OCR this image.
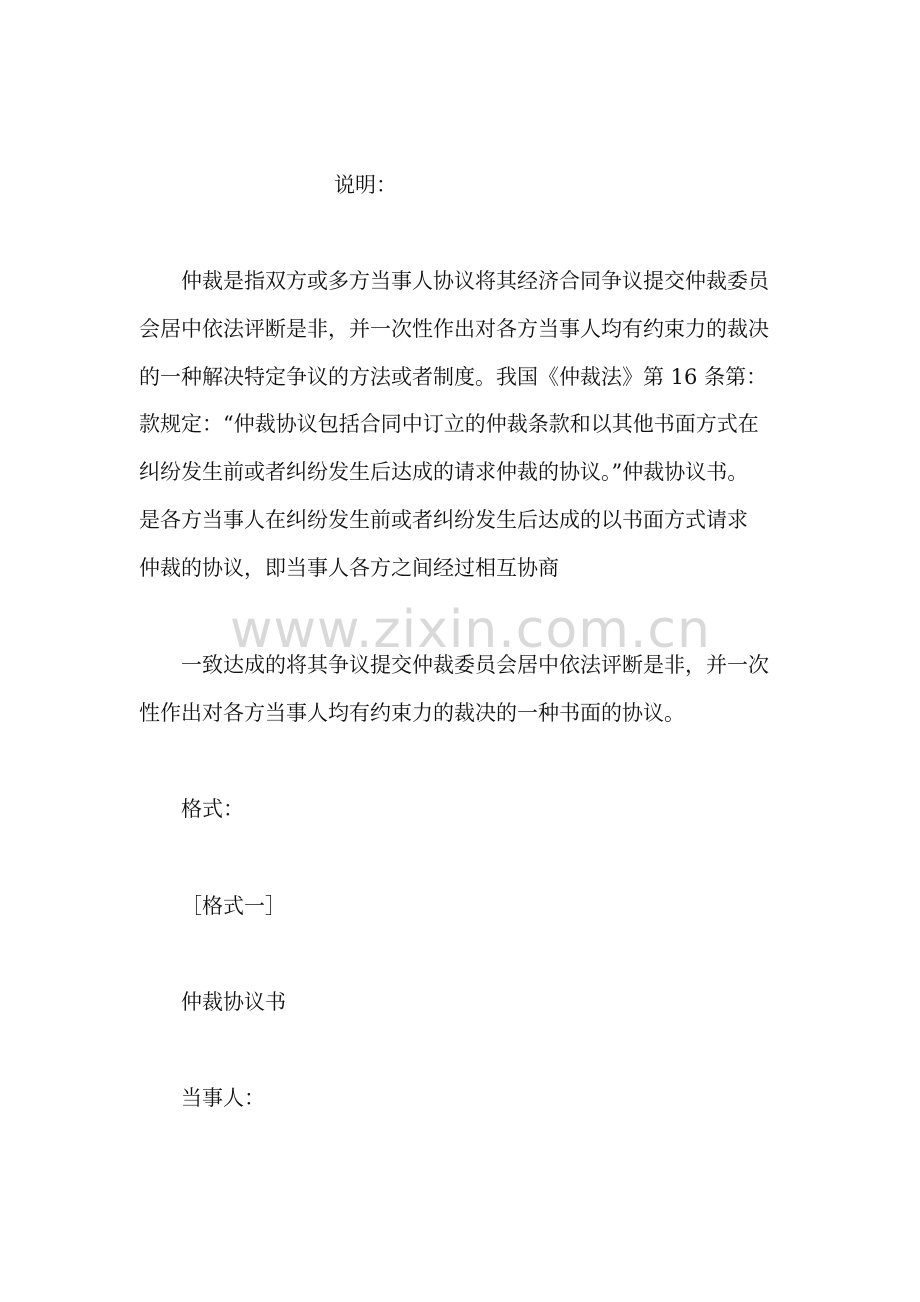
说明：
仲裁是指双方或多方当事人协议将其经济合同争议提交仲裁委员
会居中依法评断是非，并一次性作出对各方当事人均有约束力的裁决
的一种解决特定争议的方法或者制度。我国《仲裁法》第 16 条第：
款规定：“仲裁协议包括合同中订立的仲裁条款和以其他书面方式在
纠纷发生前或者纠纷发生后达成的请求仲裁的协议。”仲裁协议书。
是各方当事人在纠纷发生前或者纠纷发生后达成的以书面方式请求
仲裁的协议，即当事人各方之间经过相互协商
www.zixin.com.cn
一致达成的将其争议提交仲裁委员会居中依法评断是非，并一次
性作出对各方当事人均有约束力的裁决的一种书面的协议。
格式：
［格式一］
仲裁协议书
当事人：
